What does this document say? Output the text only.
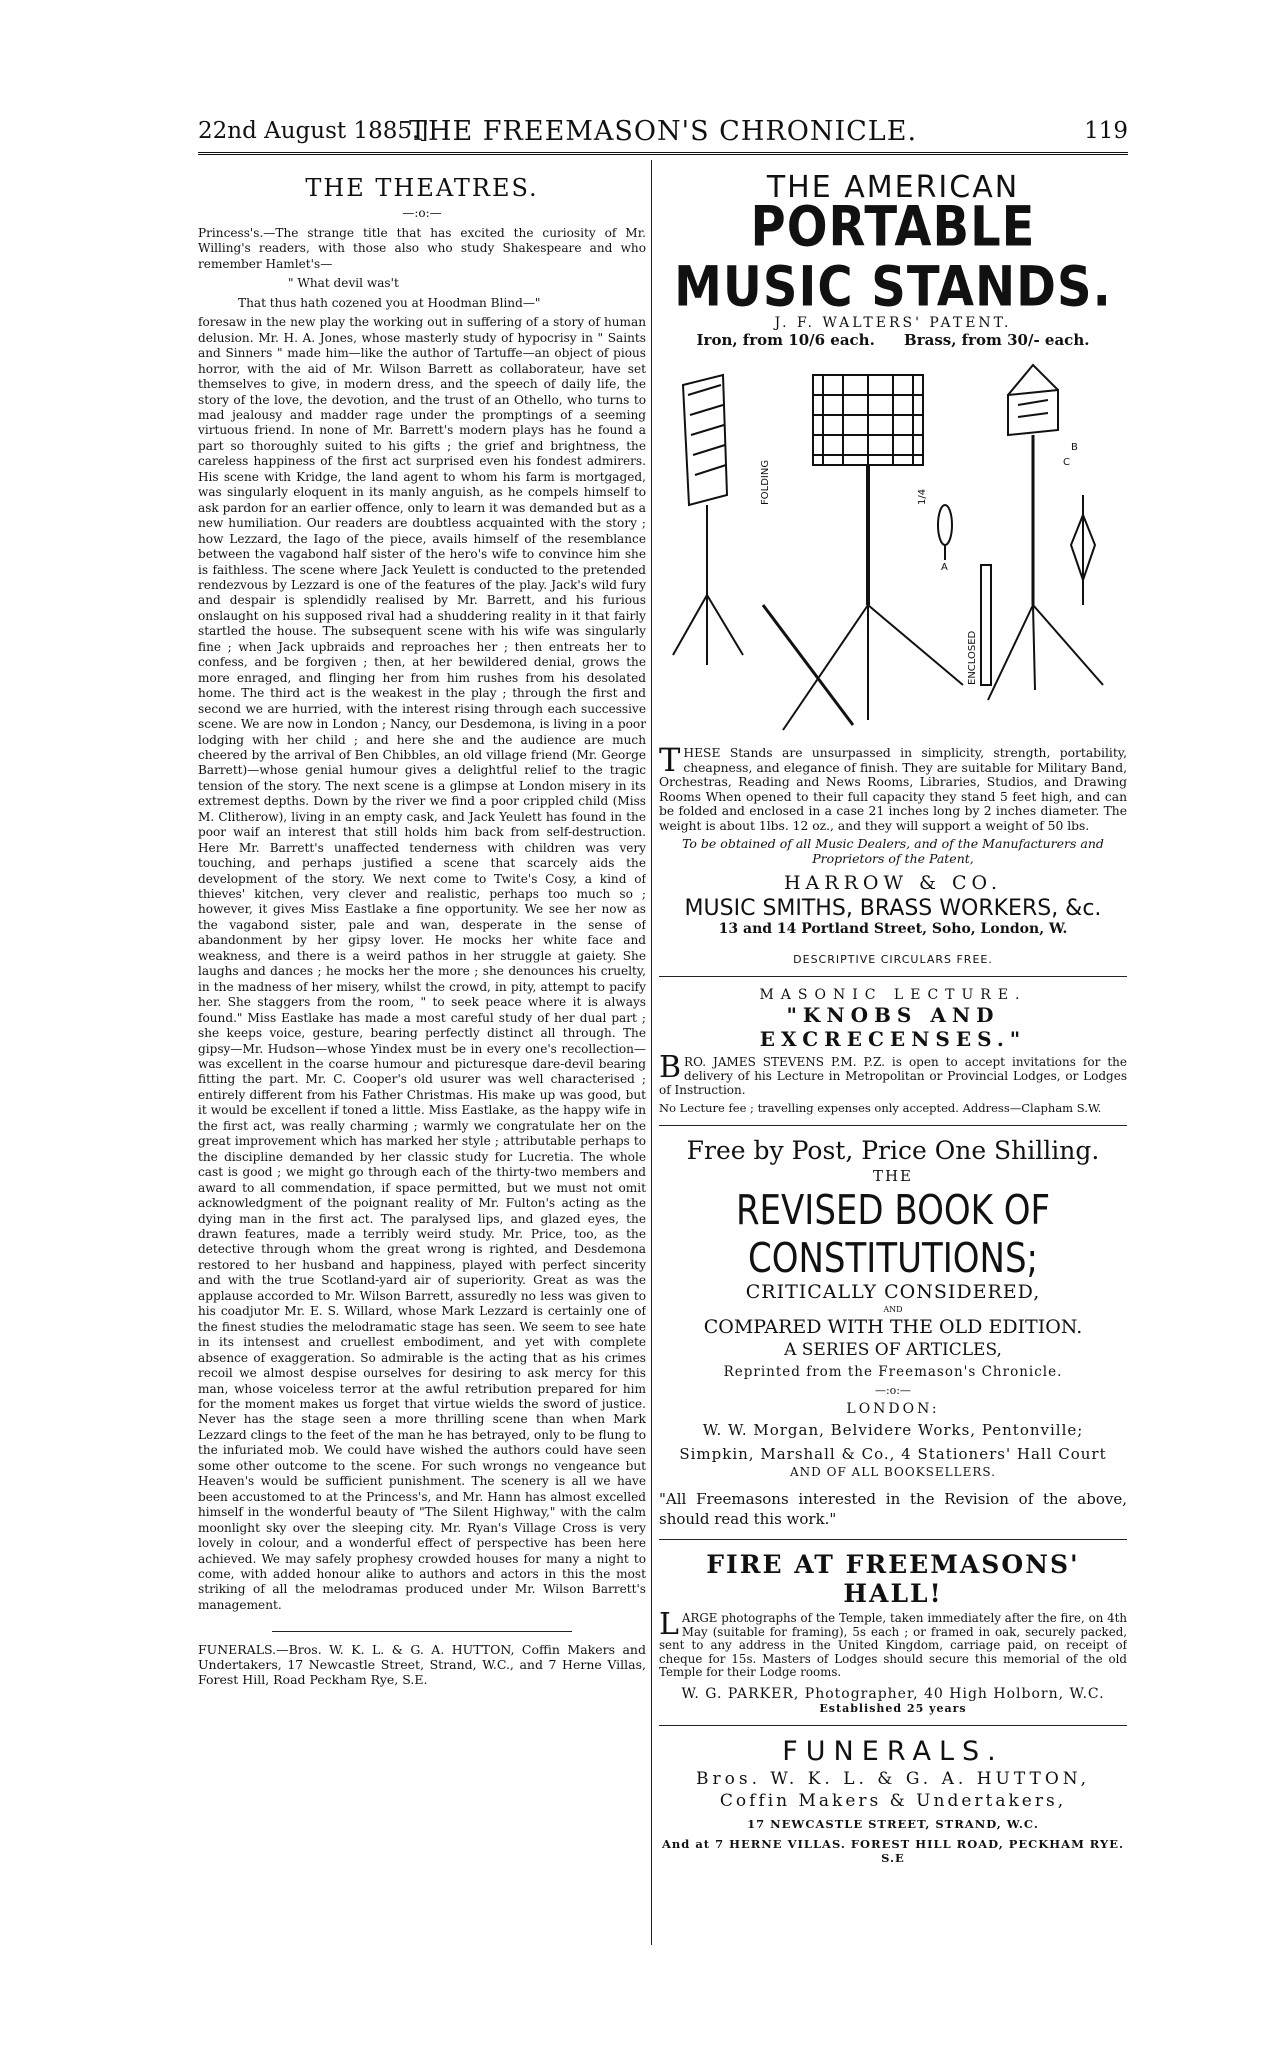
22nd August 1885.]
THE FREEMASON'S CHRONICLE.	119
THE THEATRES.
—:o:—

Princess's.—The strange title that has excited the curiosity of Mr. Willing's readers, with those also who study Shakespeare and who remember Hamlet's—

" What devil was't

That thus hath cozened you at Hoodman Blind—"

foresaw in the new play the working out in suffering of a story of human delusion. Mr. H. A. Jones, whose masterly study of hypocrisy in " Saints and Sinners " made him—like the author of Tartuffe—an object of pious horror, with the aid of Mr. Wilson Barrett as collaborateur, have set themselves to give, in modern dress, and the speech of daily life, the story of the love, the devotion, and the trust of an Othello, who turns to mad jealousy and madder rage under the promptings of a seeming virtuous friend. In none of Mr. Barrett's modern plays has he found a part so thoroughly suited to his gifts ; the grief and brightness, the careless happiness of the first act surprised even his fondest admirers. His scene with Kridge, the land agent to whom his farm is mortgaged, was singularly eloquent in its manly anguish, as he compels himself to ask pardon for an earlier offence, only to learn it was demanded but as a new humiliation. Our readers are doubtless acquainted with the story ; how Lezzard, the Iago of the piece, avails himself of the resemblance between the vagabond half sister of the hero's wife to convince him she is faithless. The scene where Jack Yeulett is conducted to the pretended rendezvous by Lezzard is one of the features of the play. Jack's wild fury and despair is splendidly realised by Mr. Barrett, and his furious onslaught on his supposed rival had a shuddering reality in it that fairly startled the house. The subsequent scene with his wife was singularly fine ; when Jack upbraids and reproaches her ; then entreats her to confess, and be forgiven ; then, at her bewildered denial, grows the more enraged, and flinging her from him rushes from his desolated home. The third act is the weakest in the play ; through the first and second we are hurried, with the interest rising through each successive scene. We are now in London ; Nancy, our Desdemona, is living in a poor lodging with her child ; and here she and the audience are much cheered by the arrival of Ben Chibbles, an old village friend (Mr. George Barrett)—whose genial humour gives a delightful relief to the tragic tension of the story. The next scene is a glimpse at London misery in its extremest depths. Down by the river we find a poor crippled child (Miss M. Clitherow), living in an empty cask, and Jack Yeulett has found in the poor waif an interest that still holds him back from self-destruction. Here Mr. Barrett's unaffected tenderness with children was very touching, and perhaps justified a scene that scarcely aids the development of the story. We next come to Twite's Cosy, a kind of thieves' kitchen, very clever and realistic, perhaps too much so ; however, it gives Miss Eastlake a fine opportunity. We see her now as the vagabond sister, pale and wan, desperate in the sense of abandonment by her gipsy lover. He mocks her white face and weakness, and there is a weird pathos in her struggle at gaiety. She laughs and dances ; he mocks her the more ; she denounces his cruelty, in the madness of her misery, whilst the crowd, in pity, attempt to pacify her. She staggers from the room, " to seek peace where it is always found." Miss Eastlake has made a most careful study of her dual part ; she keeps voice, gesture, bearing perfectly distinct all through. The gipsy—Mr. Hudson—whose Yindex must be in every one's recollection—was excellent in the coarse humour and picturesque dare-devil bearing fitting the part. Mr. C. Cooper's old usurer was well characterised ; entirely different from his Father Christmas. His make up was good, but it would be excellent if toned a little. Miss Eastlake, as the happy wife in the first act, was really charming ; warmly we congratulate her on the great improvement which has marked her style ; attributable perhaps to the discipline demanded by her classic study for Lucretia. The whole cast is good ; we might go through each of the thirty-two members and award to all commendation, if space permitted, but we must not omit acknowledgment of the poignant reality of Mr. Fulton's acting as the dying man in the first act. The paralysed lips, and glazed eyes, the drawn features, made a terribly weird study. Mr. Price, too, as the detective through whom the great wrong is righted, and Desdemona restored to her husband and happiness, played with perfect sincerity and with the true Scotland-yard air of superiority. Great as was the applause accorded to Mr. Wilson Barrett, assuredly no less was given to his coadjutor Mr. E. S. Willard, whose Mark Lezzard is certainly one of the finest studies the melodramatic stage has seen. We seem to see hate in its intensest and cruellest embodiment, and yet with complete absence of exaggeration. So admirable is the acting that as his crimes recoil we almost despise ourselves for desiring to ask mercy for this man, whose voiceless terror at the awful retribution prepared for him for the moment makes us forget that virtue wields the sword of justice. Never has the stage seen a more thrilling scene than when Mark Lezzard clings to the feet of the man he has betrayed, only to be flung to the infuriated mob. We could have wished the authors could have seen some other outcome to the scene. For such wrongs no vengeance but Heaven's would be sufficient punishment. The scenery is all we have been accustomed to at the Princess's, and Mr. Hann has almost excelled himself in the wonderful beauty of "The Silent Highway," with the calm moonlight sky over the sleeping city. Mr. Ryan's Village Cross is very lovely in colour, and a wonderful effect of perspective has been here achieved. We may safely prophesy crowded houses for many a night to come, with added honour alike to authors and actors in this the most striking of all the melodramas produced under Mr. Wilson Barrett's management.

FUNERALS.—Bros. W. K. L. & G. A. HUTTON, Coffin Makers and Undertakers, 17 Newcastle Street, Strand, W.C., and 7 Herne Villas, Forest Hill, Road Peckham Rye, S.E.
THE AMERICAN
PORTABLE MUSIC STANDS.
J. F. WALTERS' PATENT.
Iron, from 10/6 each. Brass, from 30/- each.
FOLDING
ENCLOSED
1/4
A
B
C
T HESE Stands are unsurpassed in simplicity, strength, portability, cheapness, and elegance of finish. They are suitable for Military Band, Orchestras, Reading and News Rooms, Libraries, Studios, and Drawing Rooms When opened to their full capacity they stand 5 feet high, and can be folded and enclosed in a case 21 inches long by 2 inches diameter. The weight is about 1lbs. 12 oz., and they will support a weight of 50 lbs.
To be obtained of all Music Dealers, and of the Manufacturers and Proprietors of the Patent,
HARROW & CO.
MUSIC SMITHS, BRASS WORKERS, &c.
13 and 14 Portland Street, Soho, London, W.
DESCRIPTIVE CIRCULARS FREE.
MASONIC LECTURE.
"KNOBS AND EXCRECENSES."
B RO. JAMES STEVENS P.M. P.Z. is open to accept invitations for the delivery of his Lecture in Metropolitan or Provincial Lodges, or Lodges of Instruction.
No Lecture fee ; travelling expenses only accepted. Address—Clapham S.W.
Free by Post, Price One Shilling.
THE
REVISED BOOK OF CONSTITUTIONS;
CRITICALLY CONSIDERED,
AND
COMPARED WITH THE OLD EDITION.
A SERIES OF ARTICLES,
Reprinted from the Freemason's Chronicle.
—:o:—
LONDON:
W. W. Morgan, Belvidere Works, Pentonville;
Simpkin, Marshall & Co., 4 Stationers' Hall Court
AND OF ALL BOOKSELLERS.
"All Freemasons interested in the Revision of the above, should read this work."
FIRE AT FREEMASONS' HALL!
L ARGE photographs of the Temple, taken immediately after the fire, on 4th May (suitable for framing), 5s each ; or framed in oak, securely packed, sent to any address in the United Kingdom, carriage paid, on receipt of cheque for 15s. Masters of Lodges should secure this memorial of the old Temple for their Lodge rooms.
W. G. PARKER, Photographer, 40 High Holborn, W.C.
Established 25 years
FUNERALS.
Bros. W. K. L. & G. A. HUTTON,
Coffin Makers & Undertakers,
17 NEWCASTLE STREET, STRAND, W.C.
And at 7 HERNE VILLAS. FOREST HILL ROAD, PECKHAM RYE. S.E
